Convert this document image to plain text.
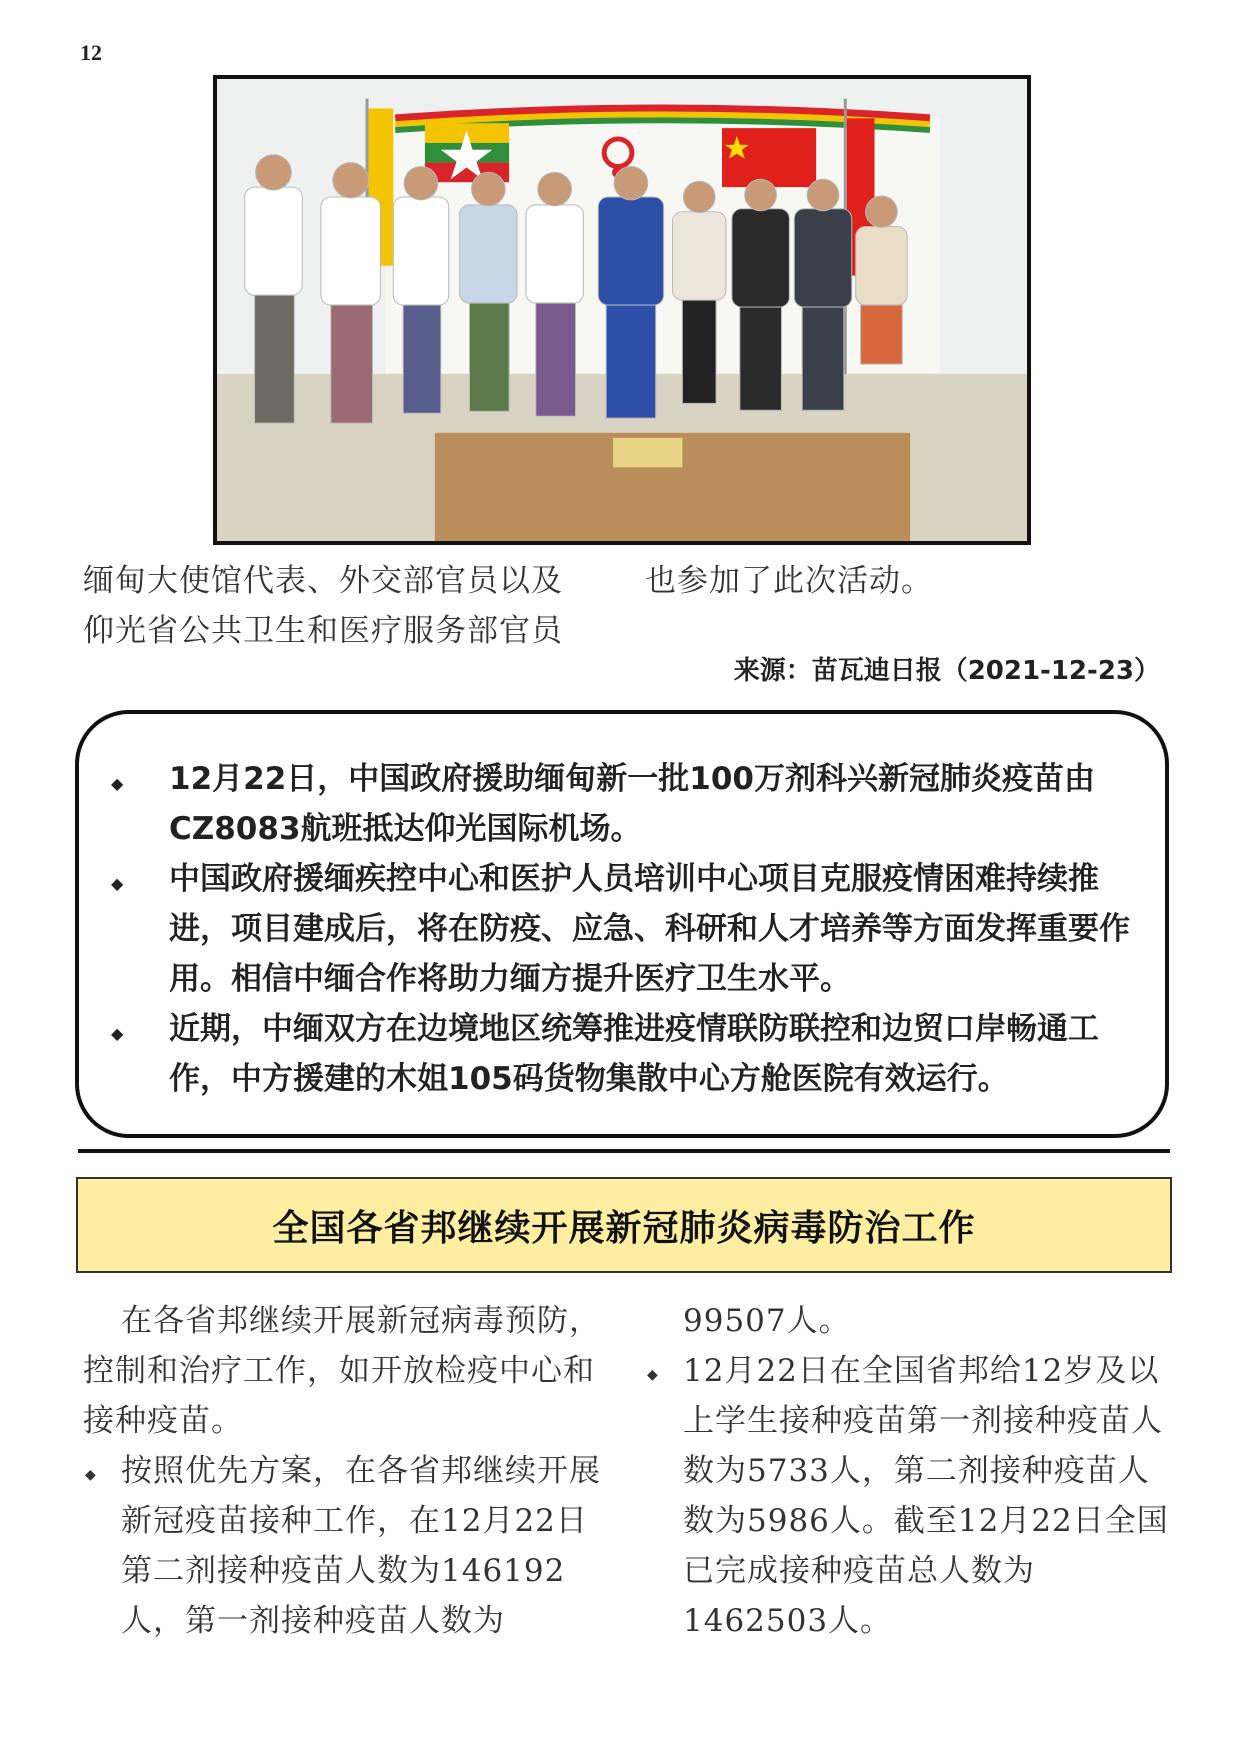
12
缅甸大使馆代表、外交部官员以及
仰光省公共卫生和医疗服务部官员
也参加了此次活动。
来源：苗瓦迪日报（2021-12-23）
◆ 12月22日，中国政府援助缅甸新一批100万剂科兴新冠肺炎疫苗由CZ8083航班抵达仰光国际机场。
◆ 中国政府援缅疾控中心和医护人员培训中心项目克服疫情困难持续推进，项目建成后，将在防疫、应急、科研和人才培养等方面发挥重要作用。相信中缅合作将助力缅方提升医疗卫生水平。
◆ 近期，中缅双方在边境地区统筹推进疫情联防联控和边贸口岸畅通工作，中方援建的木姐105码货物集散中心方舱医院有效运行。
全国各省邦继续开展新冠肺炎病毒防治工作

在各省邦继续开展新冠病毒预防，控制和治疗工作，如开放检疫中心和接种疫苗。

◆ 按照优先方案，在各省邦继续开展新冠疫苗接种工作，在12月22日第二剂接种疫苗人数为146192人，第一剂接种疫苗人数为

99507人。

◆ 12月22日在全国省邦给12岁及以上学生接种疫苗第一剂接种疫苗人数为5733人，第二剂接种疫苗人数为5986人。截至12月22日全国已完成接种疫苗总人数为1462503人。
